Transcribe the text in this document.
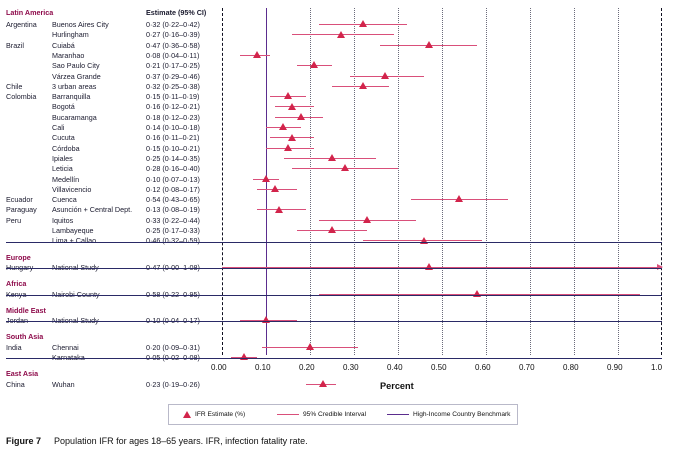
Latin America	Estimate (95% CI)
0.00	0.10	0.20	0.30	0.40	0.50	0.60	0.70	0.80	0.90	1.0
Percent
IFR Estimate (%)	95% Credible Interval	High-Income Country Benchmark
Figure 7 Population IFR for ages 18–65 years. IFR, infection fatality rate.
Argentina Buenos Aires City	0·32 (0·22–0·42)
Hurlingham	0·27 (0·16–0·39)
Brazil	Cuiabá	0·47 (0·36–0·58)
Maranhao	0·08 (0·04–0·11)
Sao Paulo City	0·21 (0·17–0·25)
Várzea Grande	0·37 (0·29–0·46)
Chile	3 urban areas	0·32 (0·25–0·38)
Colombia Barranquilla	0·15 (0·11–0·19)
Bogotá	0·16 (0·12–0·21)
Bucaramanga	0·18 (0·12–0·23)
Cali	0·14 (0·10–0·18)
Cucuta	0·16 (0·11–0·21)
Córdoba	0·15 (0·10–0·21)
Ipiales	0·25 (0·14–0·35)
Leticia	0·28 (0·16–0·40)
Medellín	0·10 (0·07–0·13)
Villavicencio	0·12 (0·08–0·17)
Ecuador	Cuenca	0·54 (0·43–0·65)
Paraguay Asunción + Central Dept. 0·13 (0·08–0·19)
Peru	Iquitos	0·33 (0·22–0·44)
Lambayeque	0·25 (0·17–0·33)
Lima + Callao	0·46 (0·32–0·59)
Europe
Hungary	National Study	0·47 (0·00–1·08)
Africa
Kenya	Nairobi County	0·58 (0·22–0·95)
Middle East
Jordan	National Study	0·10 (0·04–0·17)
South Asia
India	Chennai	0·20 (0·09–0·31)
Karnataka	0·05 (0·02–0·08)
East Asia
China	Wuhan	0·23 (0·19–0·26)
